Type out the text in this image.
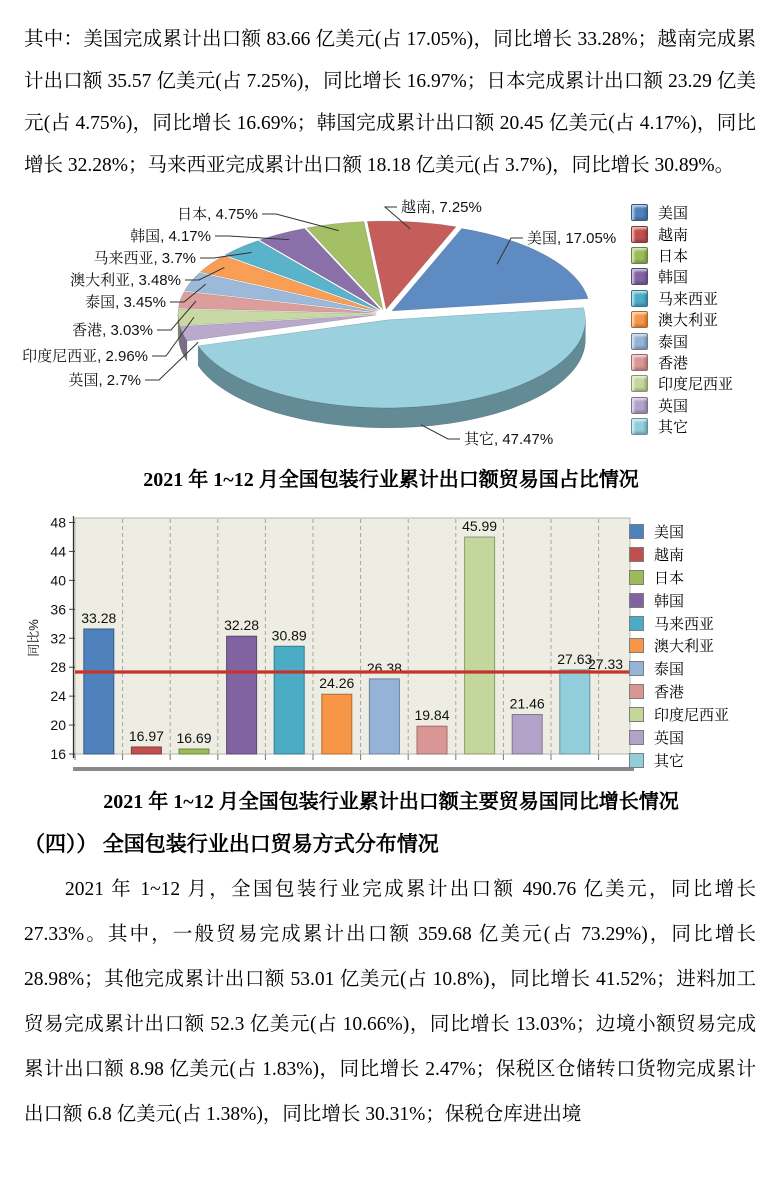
其中：美国完成累计出口额 83.66 亿美元(占 17.05%)，同比增长 33.28%；越南完成累计出口额 35.57 亿美元(占 7.25%)，同比增长 16.97%；日本完成累计出口额 23.29 亿美元(占 4.75%)，同比增长 16.69%；韩国完成累计出口额 20.45 亿美元(占 4.17%)，同比增长 32.28%；马来西亚完成累计出口额 18.18 亿美元(占 3.7%)，同比增长 30.89%。

美国, 17.05%
越南, 7.25%
日本, 4.75%
韩国, 4.17%
马来西亚, 3.7%
澳大利亚, 3.48%
泰国, 3.45%
香港, 3.03%
印度尼西亚, 2.96%
英国, 2.7%
其它, 47.47%
美国
越南
日本
韩国
马来西亚
澳大利亚
泰国
香港
印度尼西亚
英国
其它

2021 年 1~12 月全国包装行业累计出口额贸易国占比情况

16
20
24
28
32
36
40
44
48
同比%
33.28
16.97 16.69
32.28
30.89
24.26
26.38
19.84
45.99
21.46
27.63
27.33
美国
越南
日本
韩国
马来西亚
澳大利亚
泰国
香港
印度尼西亚
英国
其它

2021 年 1~12 月全国包装行业累计出口额主要贸易国同比增长情况

（四）） 全国包装行业出口贸易方式分布情况

2021 年 1~12 月，全国包装行业完成累计出口额 490.76 亿美元，同比增长 27.33%。其中，一般贸易完成累计出口额 359.68 亿美元(占 73.29%)，同比增长 28.98%；其他完成累计出口额 53.01 亿美元(占 10.8%)，同比增长 41.52%；进料加工贸易完成累计出口额 52.3 亿美元(占 10.66%)，同比增长 13.03%；边境小额贸易完成累计出口额 8.98 亿美元(占 1.83%)，同比增长 2.47%；保税区仓储转口货物完成累计出口额 6.8 亿美元(占 1.38%)，同比增长 30.31%；保税仓库进出境
